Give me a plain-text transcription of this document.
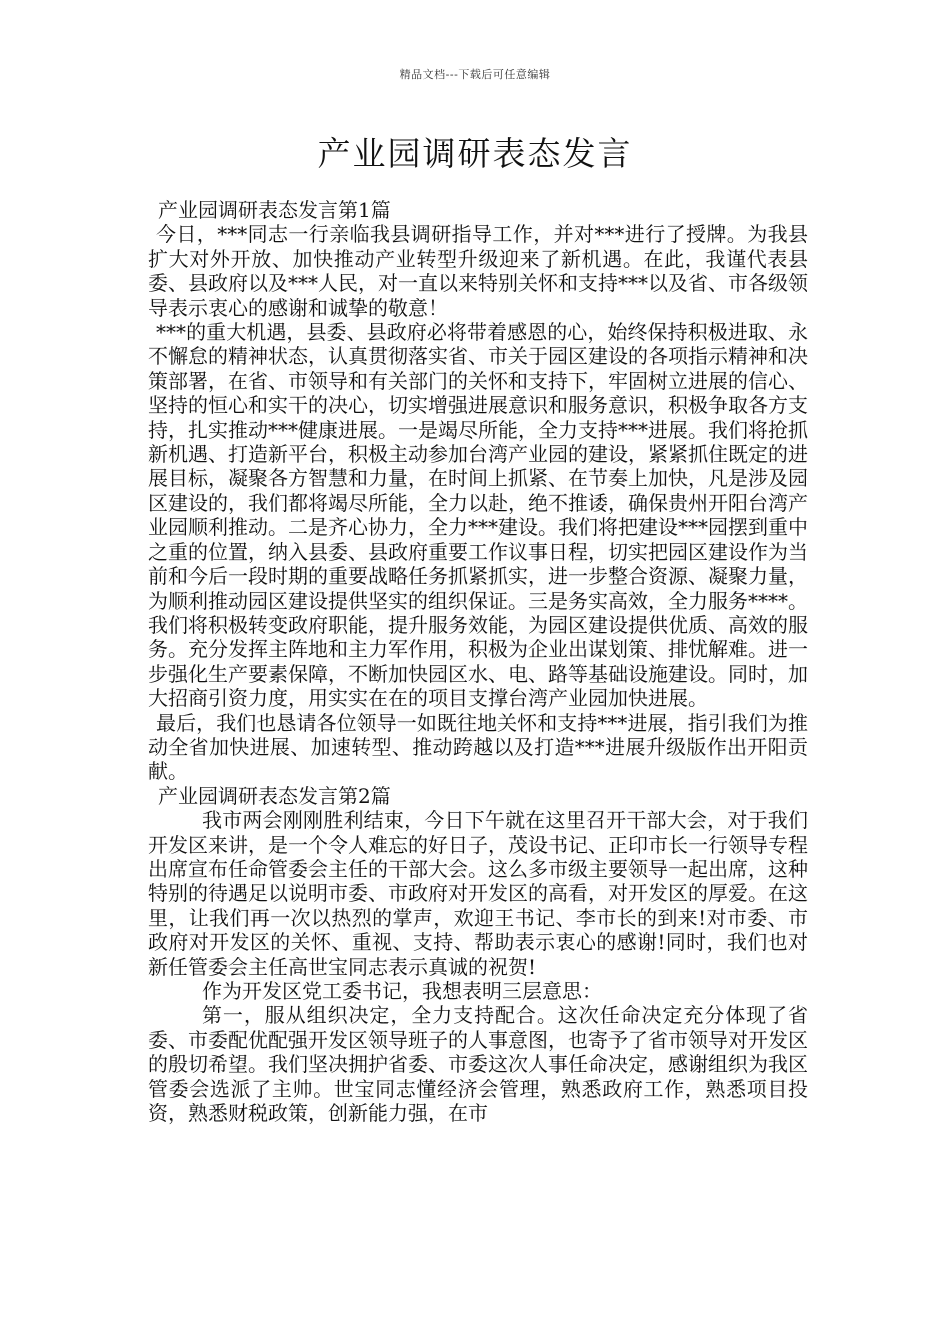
精品文档---下载后可任意编辑
产业园调研表态发言

产业园调研表态发言第1篇

今日，***同志一行亲临我县调研指导工作，并对***进行了授牌。为我县扩大对外开放、加快推动产业转型升级迎来了新机遇。在此，我谨代表县委、县政府以及***人民，对一直以来特别关怀和支持***以及省、市各级领导表示衷心的感谢和诚挚的敬意！

***的重大机遇，县委、县政府必将带着感恩的心，始终保持积极进取、永不懈怠的精神状态，认真贯彻落实省、市关于园区建设的各项指示精神和决策部署，在省、市领导和有关部门的关怀和支持下，牢固树立进展的信心、坚持的恒心和实干的决心，切实增强进展意识和服务意识，积极争取各方支持，扎实推动***健康进展。一是竭尽所能，全力支持***进展。我们将抢抓新机遇、打造新平台，积极主动参加台湾产业园的建设，紧紧抓住既定的进展目标，凝聚各方智慧和力量，在时间上抓紧、在节奏上加快，凡是涉及园区建设的，我们都将竭尽所能，全力以赴，绝不推诿，确保贵州开阳台湾产业园顺利推动。二是齐心协力，全力***建设。我们将把建设***园摆到重中之重的位置，纳入县委、县政府重要工作议事日程，切实把园区建设作为当前和今后一段时期的重要战略任务抓紧抓实，进一步整合资源、凝聚力量，为顺利推动园区建设提供坚实的组织保证。三是务实高效，全力服务****。我们将积极转变政府职能，提升服务效能，为园区建设提供优质、高效的服务。充分发挥主阵地和主力军作用，积极为企业出谋划策、排忧解难。进一步强化生产要素保障，不断加快园区水、电、路等基础设施建设。同时，加大招商引资力度，用实实在在的项目支撑台湾产业园加快进展。

最后，我们也恳请各位领导一如既往地关怀和支持***进展，指引我们为推动全省加快进展、加速转型、推动跨越以及打造***进展升级版作出开阳贡献。

产业园调研表态发言第2篇

我市两会刚刚胜利结束，今日下午就在这里召开干部大会，对于我们开发区来讲，是一个令人难忘的好日子，茂设书记、正印市长一行领导专程出席宣布任命管委会主任的干部大会。这么多市级主要领导一起出席，这种特别的待遇足以说明市委、市政府对开发区的高看，对开发区的厚爱。在这里，让我们再一次以热烈的掌声，欢迎王书记、李市长的到来!对市委、市政府对开发区的关怀、重视、支持、帮助表示衷心的感谢!同时，我们也对新任管委会主任高世宝同志表示真诚的祝贺!

作为开发区党工委书记，我想表明三层意思：

第一，服从组织决定，全力支持配合。这次任命决定充分体现了省委、市委配优配强开发区领导班子的人事意图，也寄予了省市领导对开发区的殷切希望。我们坚决拥护省委、市委这次人事任命决定，感谢组织为我区管委会选派了主帅。世宝同志懂经济会管理，熟悉政府工作，熟悉项目投资，熟悉财税政策，创新能力强，在市
